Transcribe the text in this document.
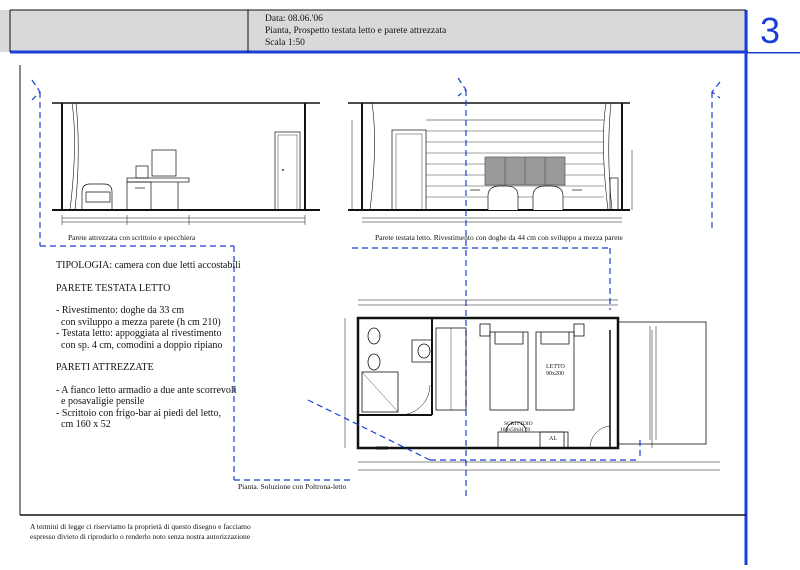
Data: 08.06.'06
Pianta, Prospetto testata letto e parete attrezzata
Scala 1:50	3
Parete attrezzata con scrittoio e specchiera	Parete testata letto. Rivestimento con doghe da 44 cm con sviluppo a mezza parete

TIPOLOGIA: camera con due letti accostabili

PARETE TESTATA LETTO

- Rivestimento: doghe da 33 cm

con sviluppo a mezza parete (h cm 210)

- Testata letto: appoggiata al rivestimento

con sp. 4 cm, comodini a doppio ripiano

PARETI ATTREZZATE

- A fianco letto armadio a due ante scorrevoli

e posavaligie pensile

- Scrittoio con frigo-bar ai piedi del letto,

cm 160 x 52

LETTO
90x200
SCRITTOIO
160x50xH.79
AL
Pianta. Soluzione con Poltrona-letto
A termini di legge ci riserviamo la proprietà di questo disegno e facciamo
espresso divieto di riprodurlo o renderlo noto senza nostra autorizzazione
